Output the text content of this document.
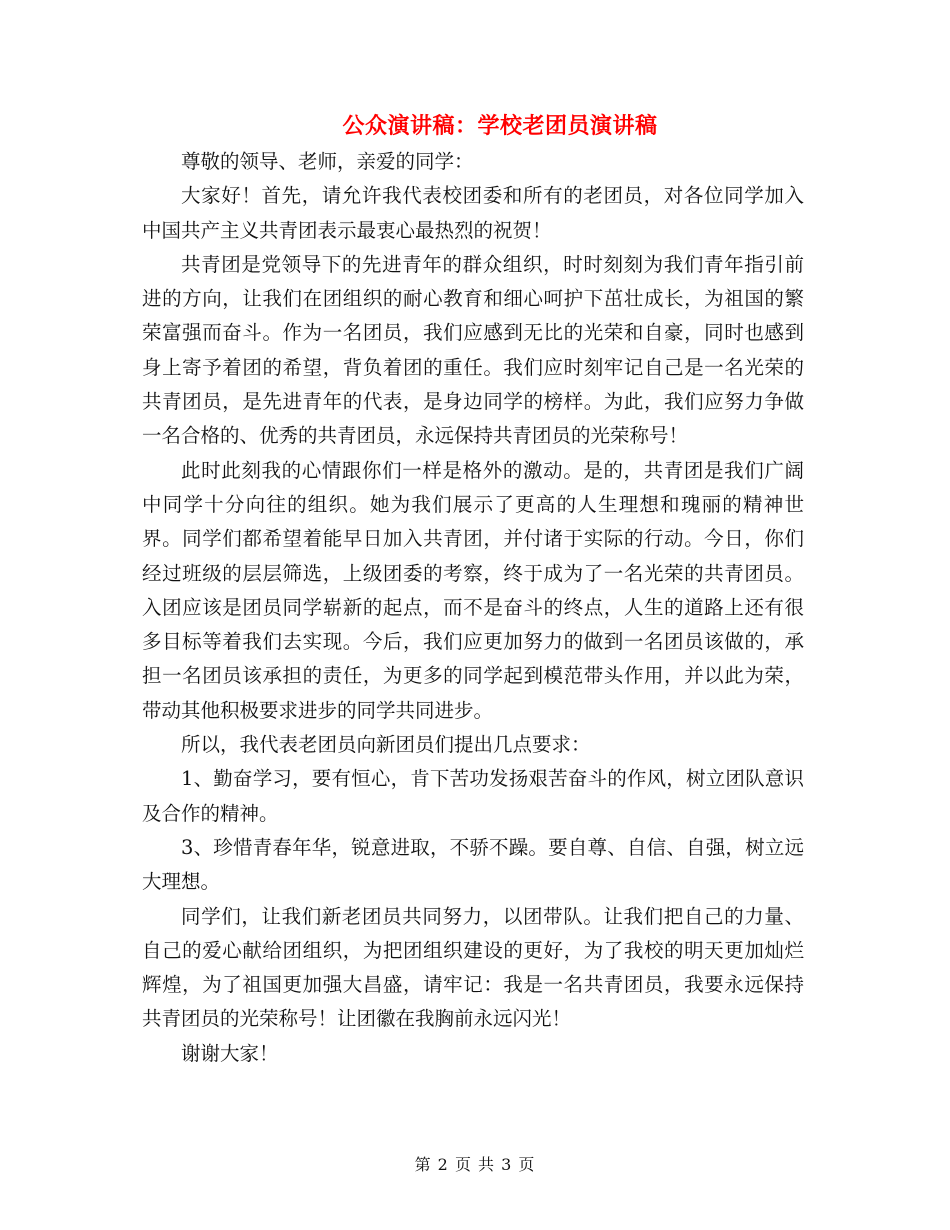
公众演讲稿：学校老团员演讲稿

尊敬的领导、老师，亲爱的同学：

大家好！首先，请允许我代表校团委和所有的老团员，对各位同学加入中国共产主义共青团表示最衷心最热烈的祝贺！

共青团是党领导下的先进青年的群众组织，时时刻刻为我们青年指引前进的方向，让我们在团组织的耐心教育和细心呵护下茁壮成长，为祖国的繁荣富强而奋斗。作为一名团员，我们应感到无比的光荣和自豪，同时也感到身上寄予着团的希望，背负着团的重任。我们应时刻牢记自己是一名光荣的共青团员，是先进青年的代表，是身边同学的榜样。为此，我们应努力争做一名合格的、优秀的共青团员，永远保持共青团员的光荣称号！

此时此刻我的心情跟你们一样是格外的激动。是的，共青团是我们广阔中同学十分向往的组织。她为我们展示了更高的人生理想和瑰丽的精神世界。同学们都希望着能早日加入共青团，并付诸于实际的行动。今日，你们经过班级的层层筛选，上级团委的考察，终于成为了一名光荣的共青团员。入团应该是团员同学崭新的起点，而不是奋斗的终点，人生的道路上还有很多目标等着我们去实现。今后，我们应更加努力的做到一名团员该做的，承担一名团员该承担的责任，为更多的同学起到模范带头作用，并以此为荣，带动其他积极要求进步的同学共同进步。

所以，我代表老团员向新团员们提出几点要求：

1、勤奋学习，要有恒心，肯下苦功发扬艰苦奋斗的作风，树立团队意识及合作的精神。

3、珍惜青春年华，锐意进取，不骄不躁。要自尊、自信、自强，树立远大理想。

同学们，让我们新老团员共同努力，以团带队。让我们把自己的力量、自己的爱心献给团组织，为把团组织建设的更好，为了我校的明天更加灿烂辉煌，为了祖国更加强大昌盛，请牢记：我是一名共青团员，我要永远保持共青团员的光荣称号！让团徽在我胸前永远闪光！

谢谢大家！

第 2 页 共 3 页
